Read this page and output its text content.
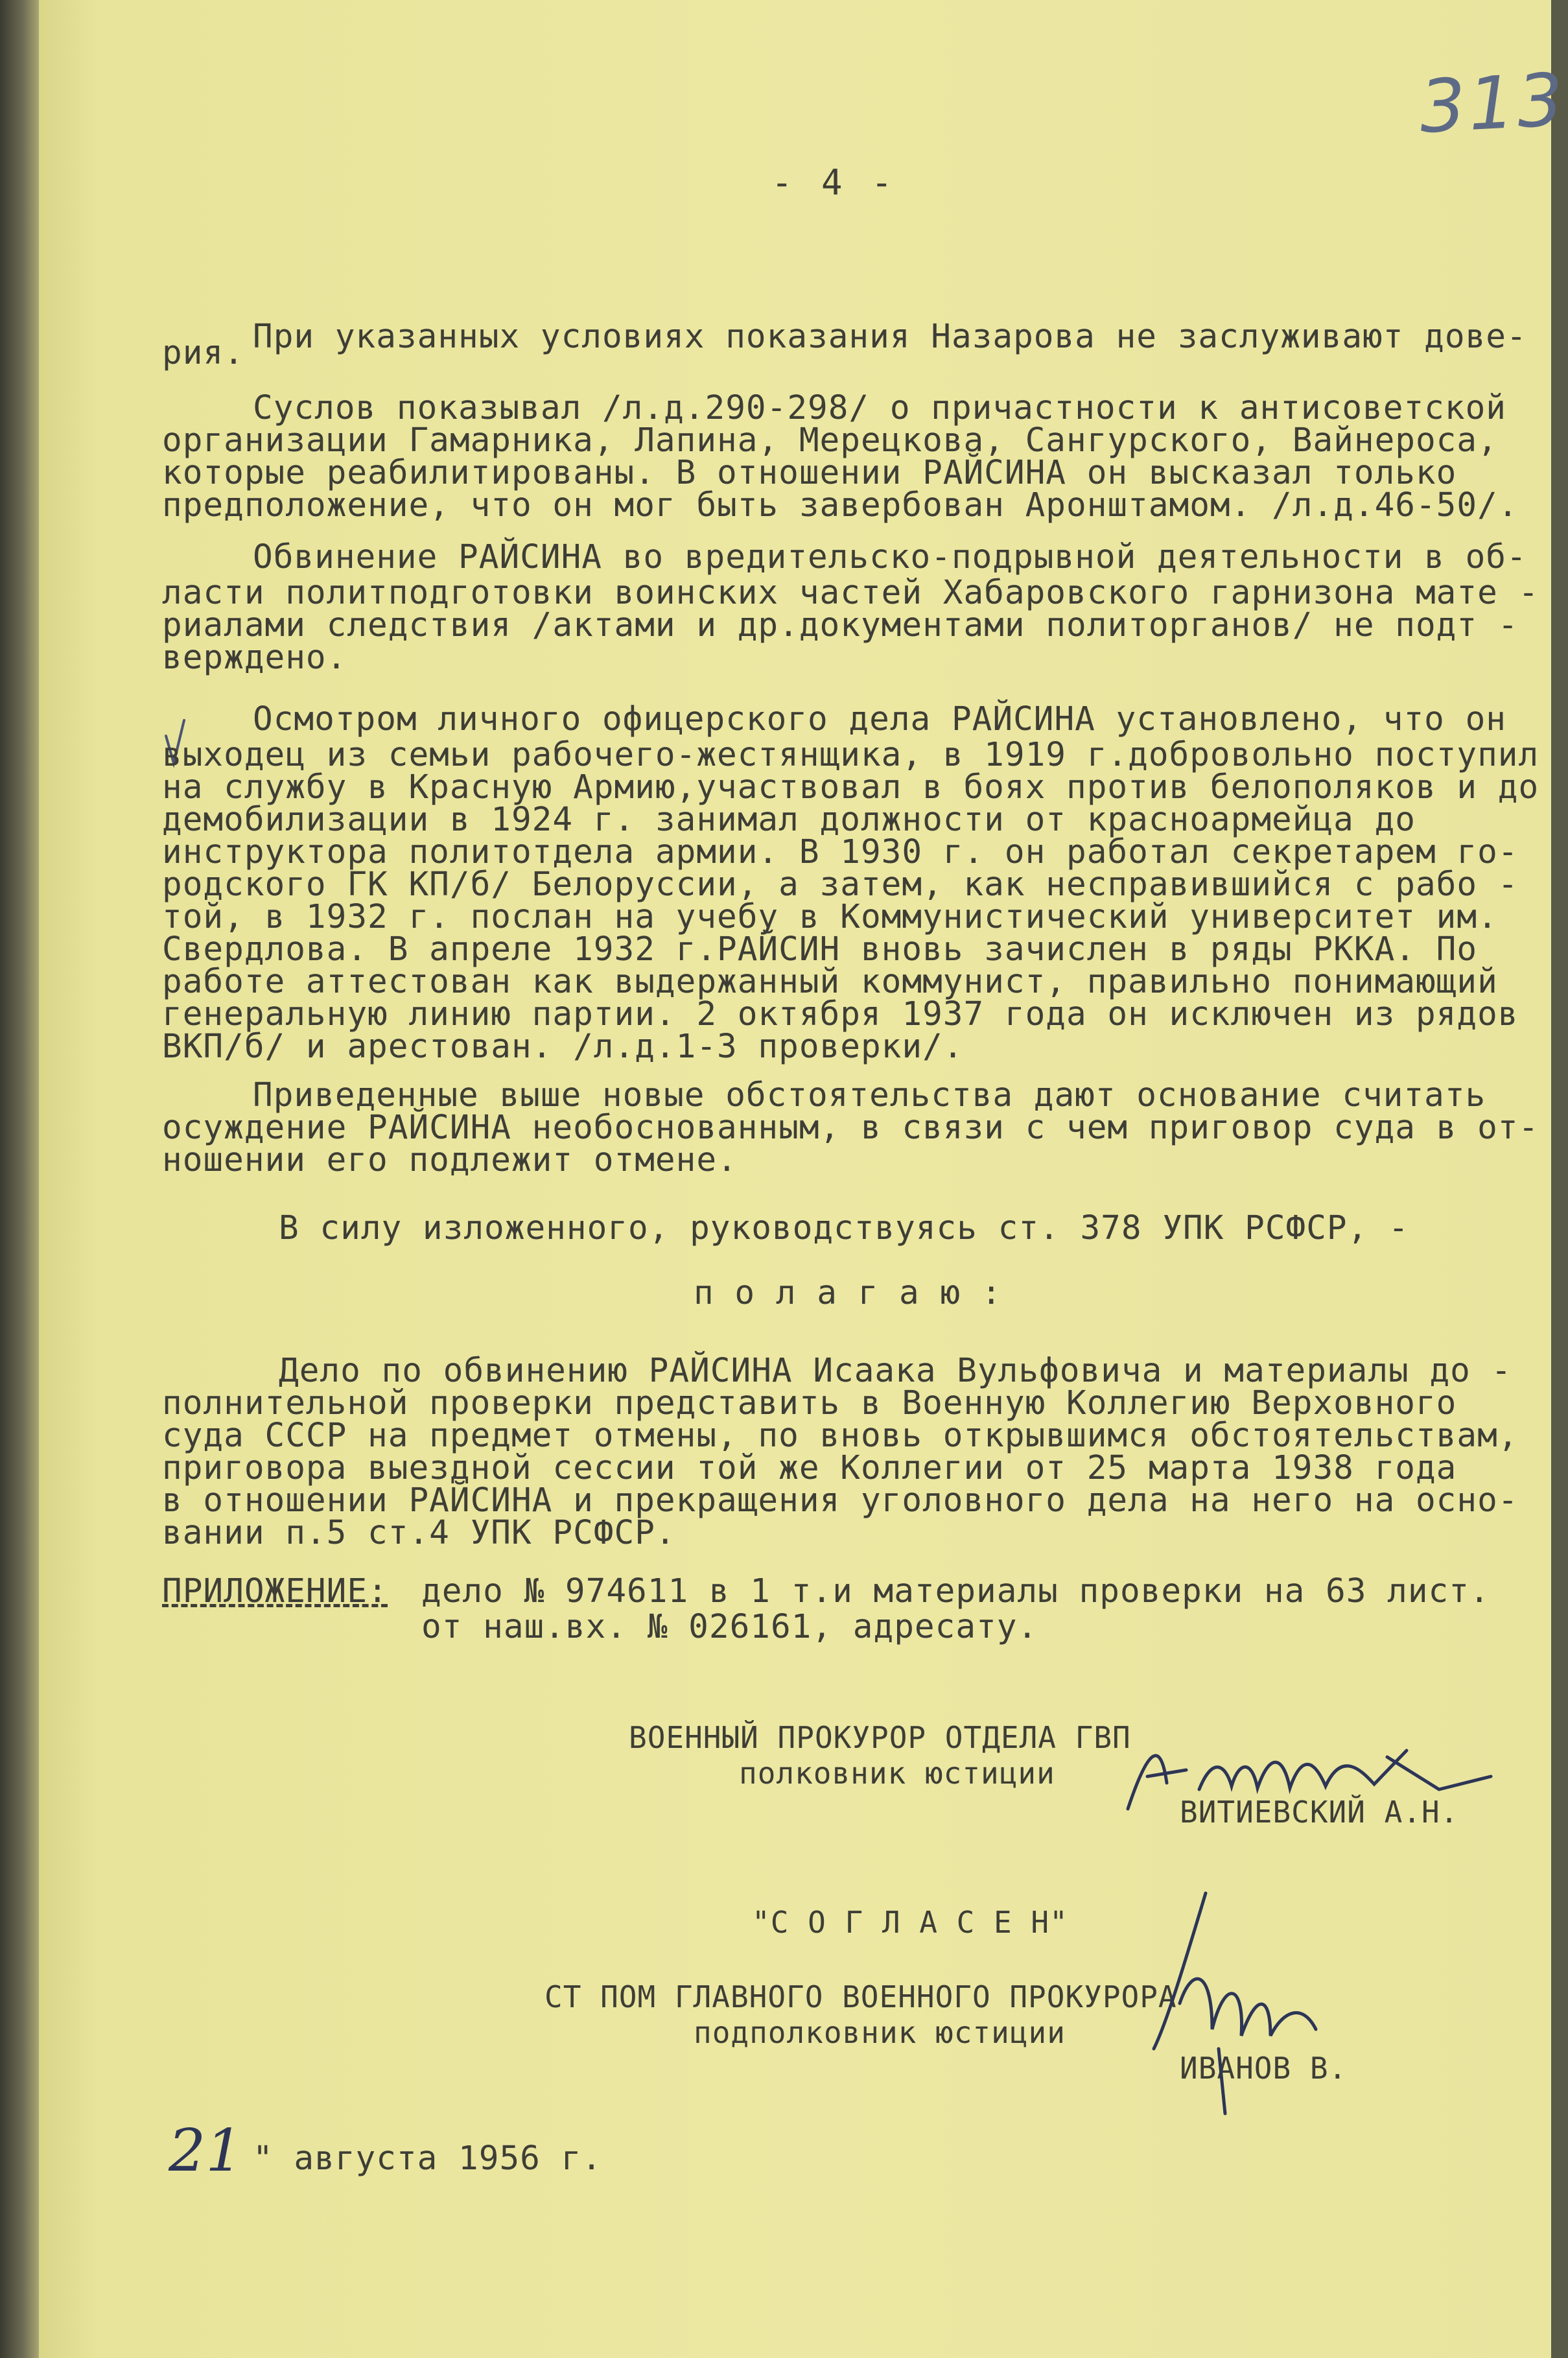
313
- 4 -
При указанных условиях показания Назарова не заслуживают дове-
рия.
Суслов показывал /л.д.290-298/ о причастности к антисоветской
организации Гамарника, Лапина, Мерецкова, Сангурского, Вайнероса,
которые реабилитированы. В отношении РАЙСИНА он высказал только
предположение, что он мог быть завербован Аронштамом. /л.д.46-50/.
Обвинение РАЙСИНА во вредительско-подрывной деятельности в об-
ласти политподготовки воинских частей Хабаровского гарнизона мате -
риалами следствия /актами и др.документами политорганов/ не подт -
верждено.
Осмотром личного офицерского дела РАЙСИНА установлено, что он
выходец из семьи рабочего-жестянщика, в 1919 г.добровольно поступил
на службу в Красную Армию,участвовал в боях против белополяков и до
демобилизации в 1924 г. занимал должности от красноармейца до
инструктора политотдела армии. В 1930 г. он работал секретарем го-
родского ГК КП/б/ Белоруссии, а затем, как несправившийся с рабо -
той, в 1932 г. послан на учебу в Коммунистический университет им.
Свердлова. В апреле 1932 г.РАЙСИН вновь зачислен в ряды РККА. По
работе аттестован как выдержанный коммунист, правильно понимающий
генеральную линию партии. 2 октября 1937 года он исключен из рядов
ВКП/б/ и арестован. /л.д.1-3 проверки/.
Приведенные выше новые обстоятельства дают основание считать
осуждение РАЙСИНА необоснованным, в связи с чем приговор суда в от-
ношении его подлежит отмене.
В силу изложенного, руководствуясь ст. 378 УПК РСФСР, -
п о л а г а ю :
Дело по обвинению РАЙСИНА Исаака Вульфовича и материалы до -
полнительной проверки представить в Военную Коллегию Верховного
суда СССР на предмет отмены, по вновь открывшимся обстоятельствам,
приговора выездной сессии той же Коллегии от 25 марта 1938 года
в отношении РАЙСИНА и прекращения уголовного дела на него на осно-
вании п.5 ст.4 УПК РСФСР.
ПРИЛОЖЕНИЕ: дело № 974611 в 1 т.и материалы проверки на 63 лист.
от наш.вх. № 026161, адресату.
ВОЕННЫЙ ПРОКУРОР ОТДЕЛА ГВП
полковник юстиции
ВИТИЕВСКИЙ А.Н.
"С О Г Л А С Е Н"
СТ ПОМ ГЛАВНОГО ВОЕННОГО ПРОКУРОРА
подполковник юстиции
ИВАНОВ В.
21 " августа 1956 г.
